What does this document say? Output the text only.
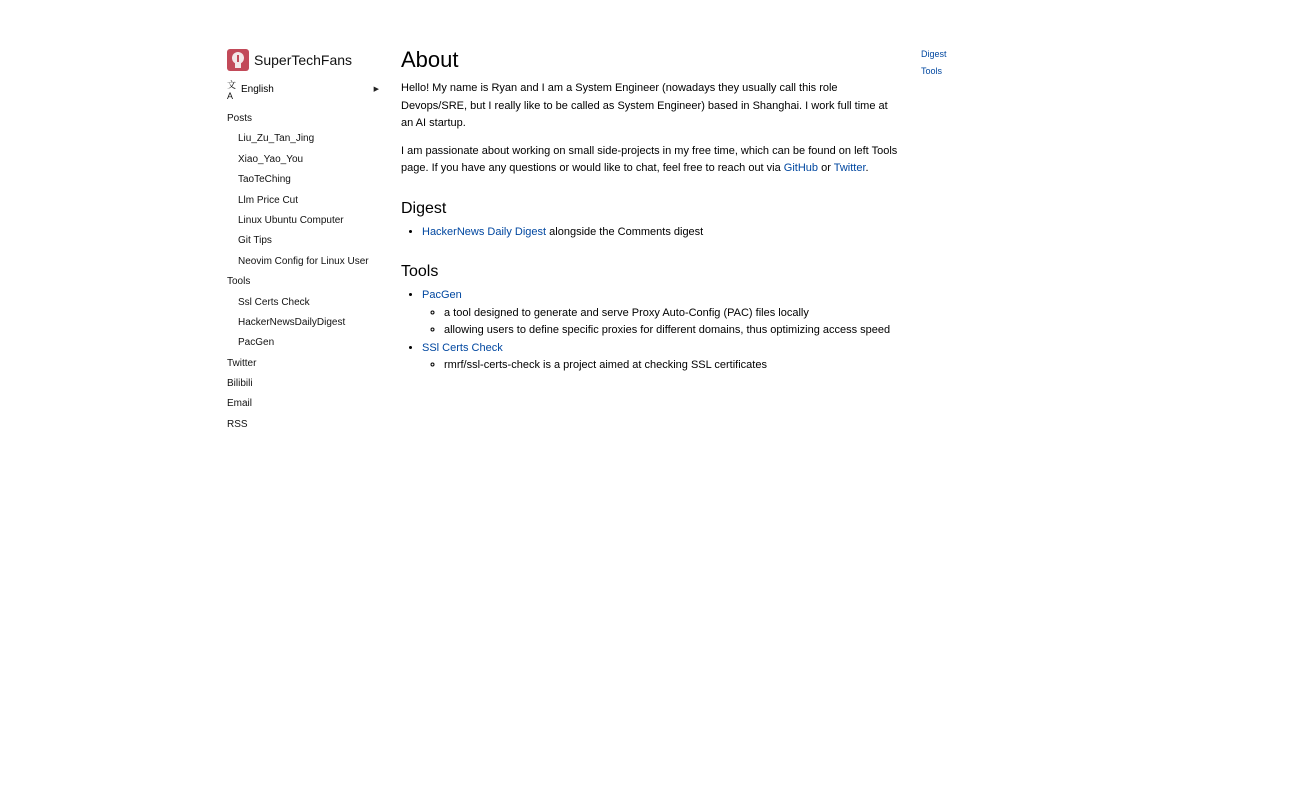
SuperTechFans
文A
English	▶
Posts
Liu_Zu_Tan_Jing
Xiao_Yao_You
TaoTeChing
Llm Price Cut
Linux Ubuntu Computer
Git Tips
Neovim Config for Linux User
Tools
Ssl Certs Check
HackerNewsDailyDigest
PacGen
Twitter
Bilibili
Email
RSS
About

Hello! My name is Ryan and I am a System Engineer (nowadays they usually call this role Devops/SRE, but I really like to be called as System Engineer) based in Shanghai. I work full time at an AI startup.

I am passionate about working on small side-projects in my free time, which can be found on left Tools page. If you have any questions or would like to chat, feel free to reach out via GitHub or Twitter.

Digest
• HackerNews Daily Digest alongside the Comments digest
Tools
• PacGen
◦ a tool designed to generate and serve Proxy Auto-Config (PAC) files locally
◦ allowing users to define specific proxies for different domains, thus optimizing access speed
• SSl Certs Check
◦ rmrf/ssl-certs-check is a project aimed at checking SSL certificates
Digest
Tools
